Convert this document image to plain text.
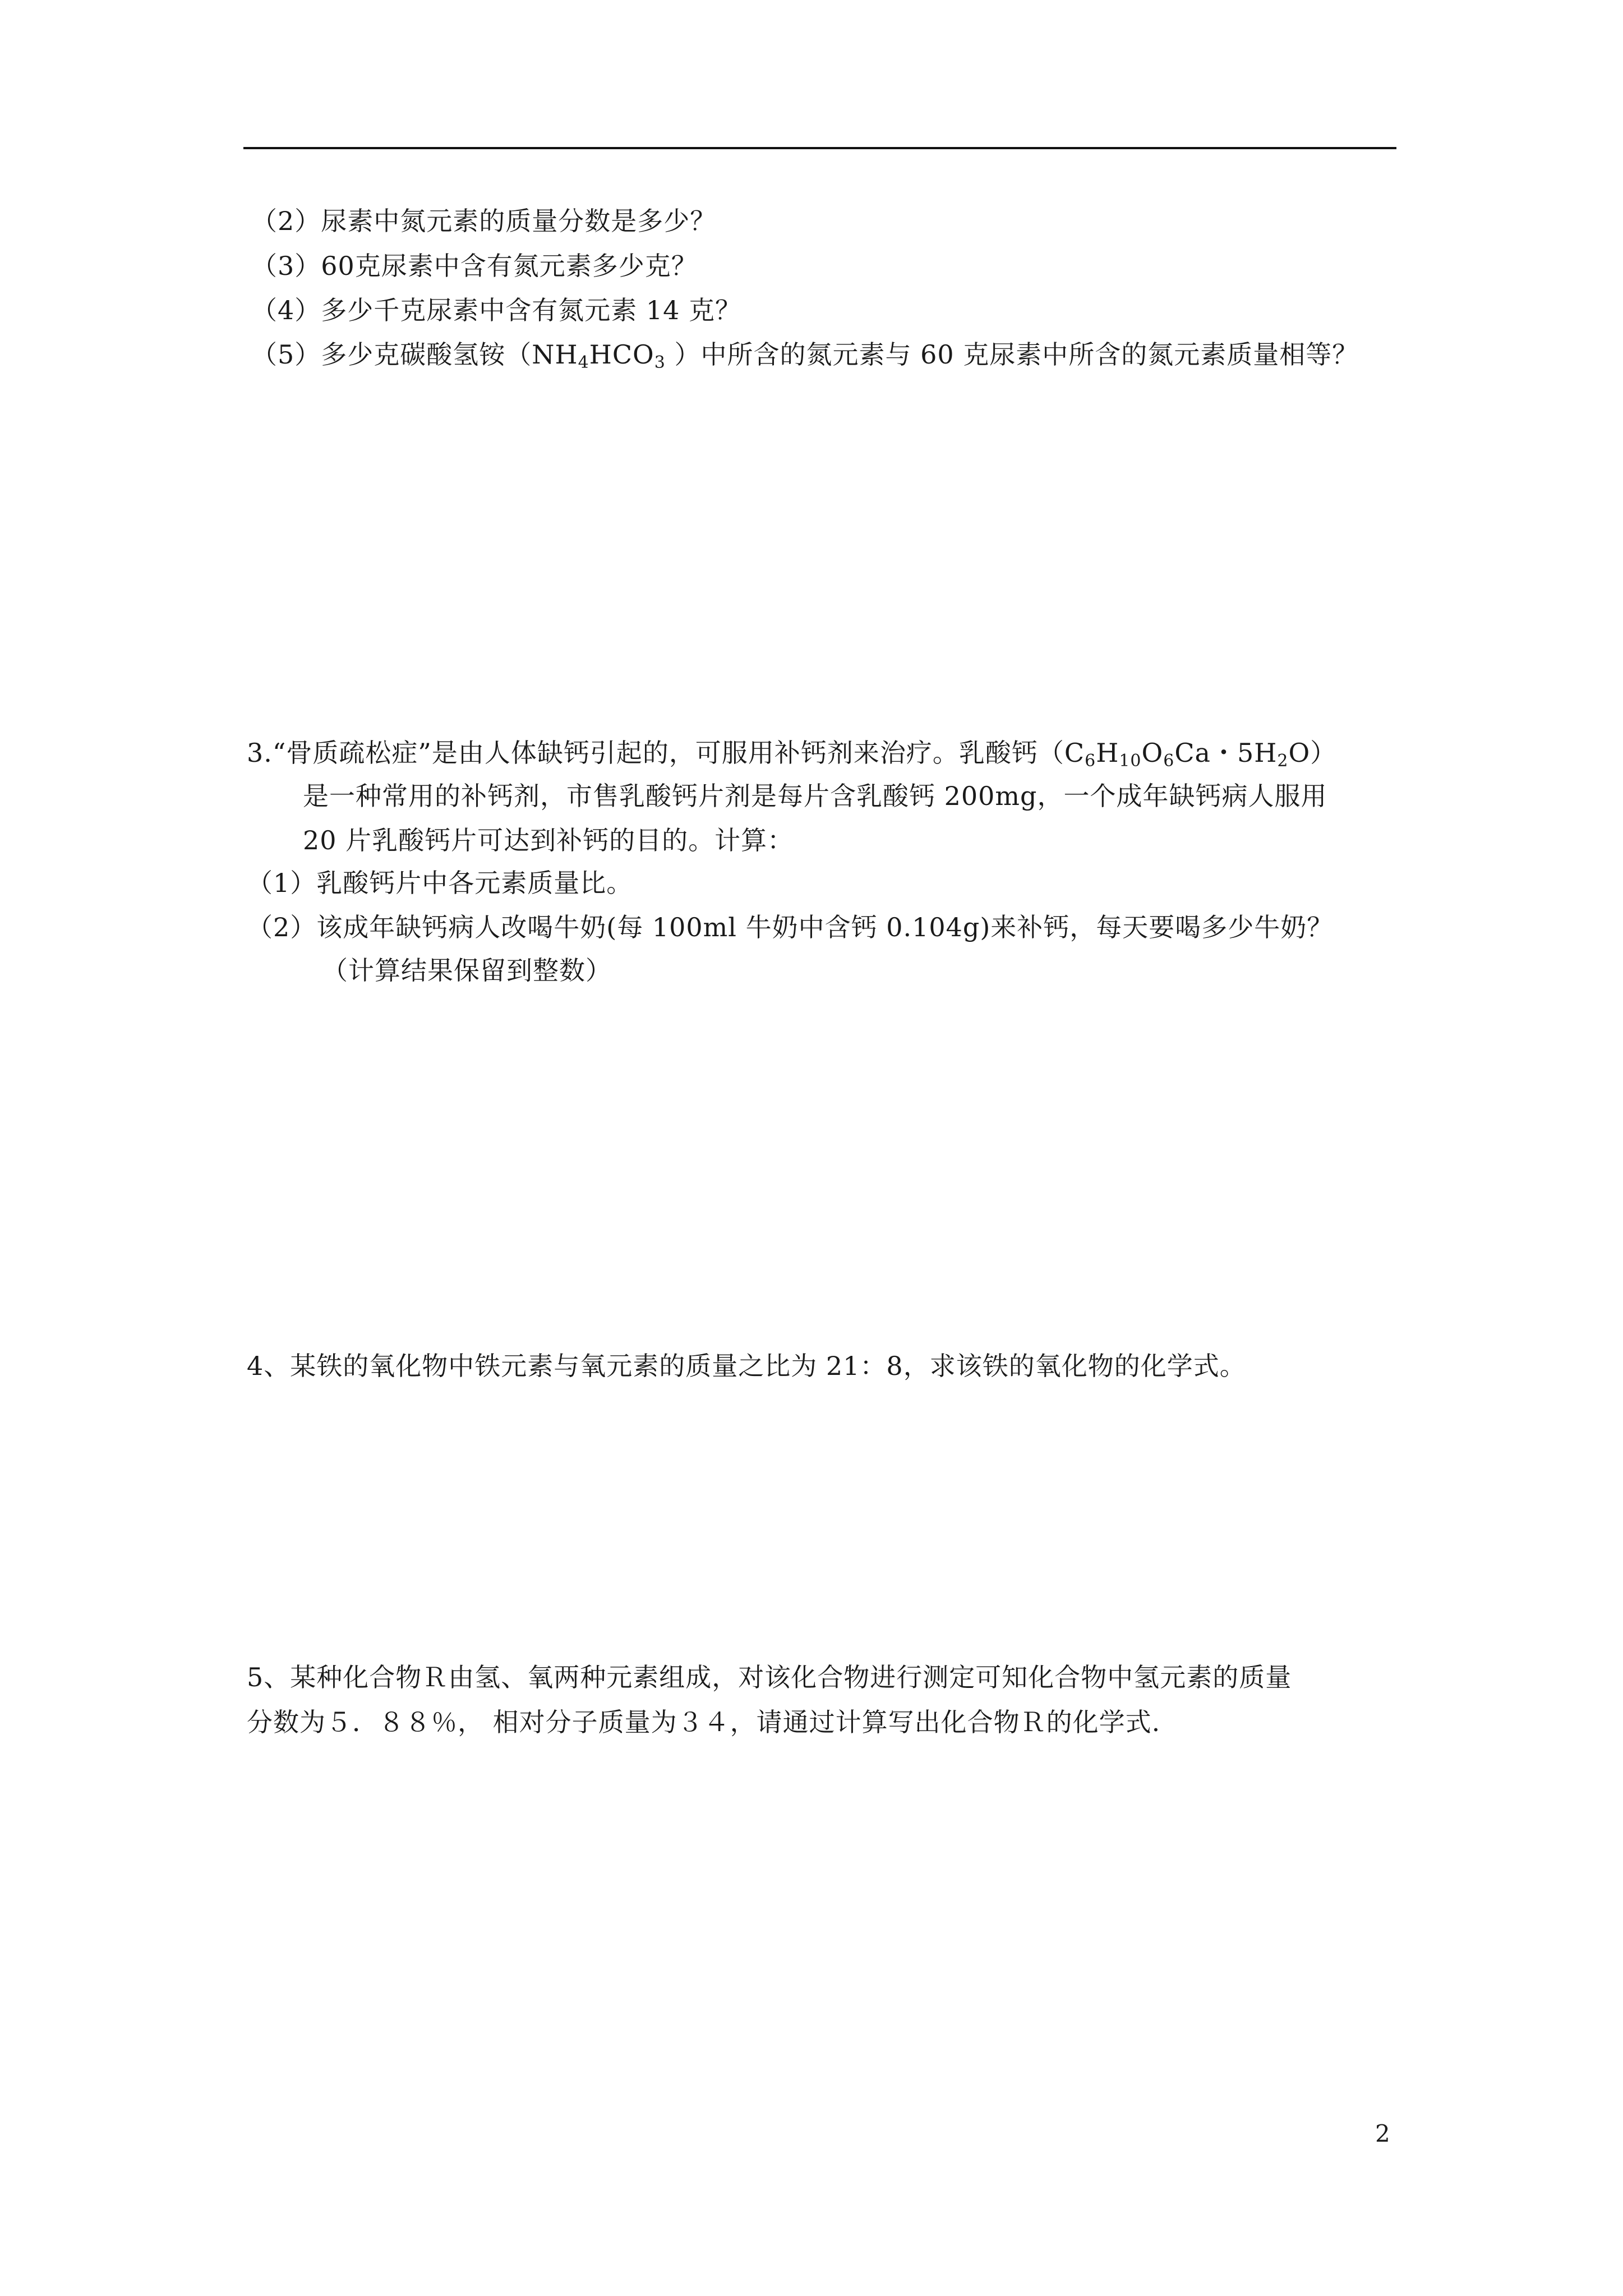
（2）尿素中氮元素的质量分数是多少？
（3）60克尿素中含有氮元素多少克？
（4）多少千克尿素中含有氮元素 14 克？
（5）多少克碳酸氢铵（$NH_4HCO_3$ ）中所含的氮元素与 60 克尿素中所含的氮元素质量相等？
3.“骨质疏松症”是由人体缺钙引起的，可服用补钙剂来治疗。乳酸钙（$C_6H_{10}O_6Ca$・$5H_2O$）
是一种常用的补钙剂，市售乳酸钙片剂是每片含乳酸钙 200mg，一个成年缺钙病人服用
20 片乳酸钙片可达到补钙的目的。计算：
（1）乳酸钙片中各元素质量比。
（2）该成年缺钙病人改喝牛奶(每 100ml 牛奶中含钙 0.104g)来补钙，每天要喝多少牛奶？
（计算结果保留到整数）
4、某铁的氧化物中铁元素与氧元素的质量之比为 21：8，求该铁的氧化物的化学式。
5、某种化合物Ｒ由氢、氧两种元素组成，对该化合物进行测定可知化合物中氢元素的质量
分数为５．８８％， 相对分子质量为３４，请通过计算写出化合物Ｒ的化学式.
2
